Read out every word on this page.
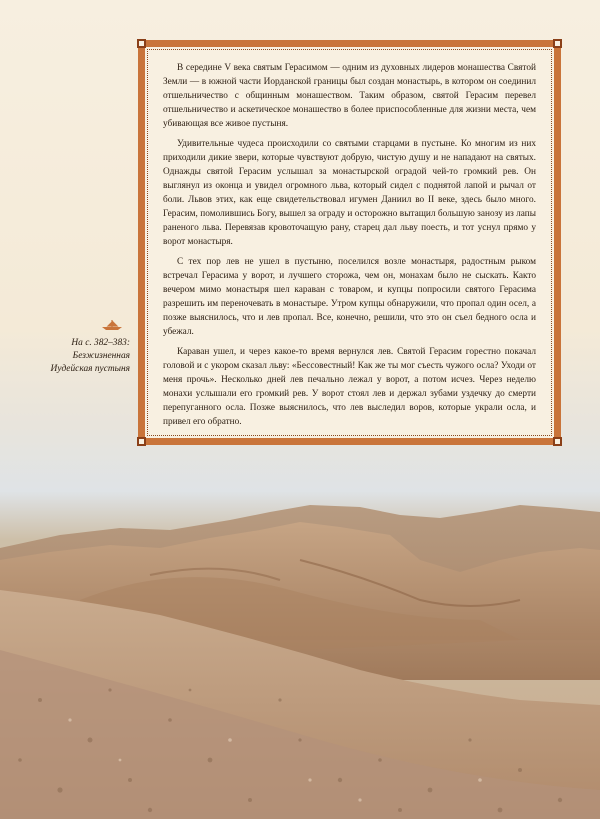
В середине V века святым Герасимом — одним из духовных лидеров монашества Святой Земли — в южной части Иорданской границы был создан монастырь, в котором он соединил отшельничество с общинным монашеством. Таким образом, святой Герасим перевел отшельничество и аскетическое монашество в более приспособленные для жизни места, чем убивающая все живое пустыня.

Удивительные чудеса происходили со святыми старцами в пустыне. Ко многим из них приходили дикие звери, которые чувствуют добрую, чистую душу и не нападают на святых. Однажды святой Герасим услышал за монастырской оградой чей-то громкий рев. Он выглянул из оконца и увидел огромного льва, который сидел с поднятой лапой и рычал от боли. Львов этих, как еще свидетельствовал игумен Даниил во II веке, здесь было много. Герасим, помолившись Богу, вышел за ограду и осторожно вытащил большую занозу из лапы раненого льва. Перевязав кровоточащую рану, старец дал льву поесть, и тот уснул прямо у ворот монастыря.

С тех пор лев не ушел в пустыню, поселился возле монастыря, радостным рыком встречал Герасима у ворот, и лучшего сторожа, чем он, монахам было не сыскать. Както вечером мимо монастыря шел караван с товаром, и купцы попросили святого Герасима разрешить им переночевать в монастыре. Утром купцы обнаружили, что пропал один осел, а позже выяснилось, что и лев пропал. Все, конечно, решили, что это он съел бедного осла и убежал.

Караван ушел, и через какое-то время вернулся лев. Святой Герасим горестно покачал головой и с укором сказал льву: «Бессовестный! Как же ты мог съесть чужого осла? Уходи от меня прочь». Несколько дней лев печально лежал у ворот, а потом исчез. Через неделю монахи услышали его громкий рев. У ворот стоял лев и держал зубами уздечку до смерти перепуганного осла. Позже выяснилось, что лев выследил воров, которые украли осла, и привел его обратно.

На с. 382–383:
Безжизненная
Иудейская пустыня
